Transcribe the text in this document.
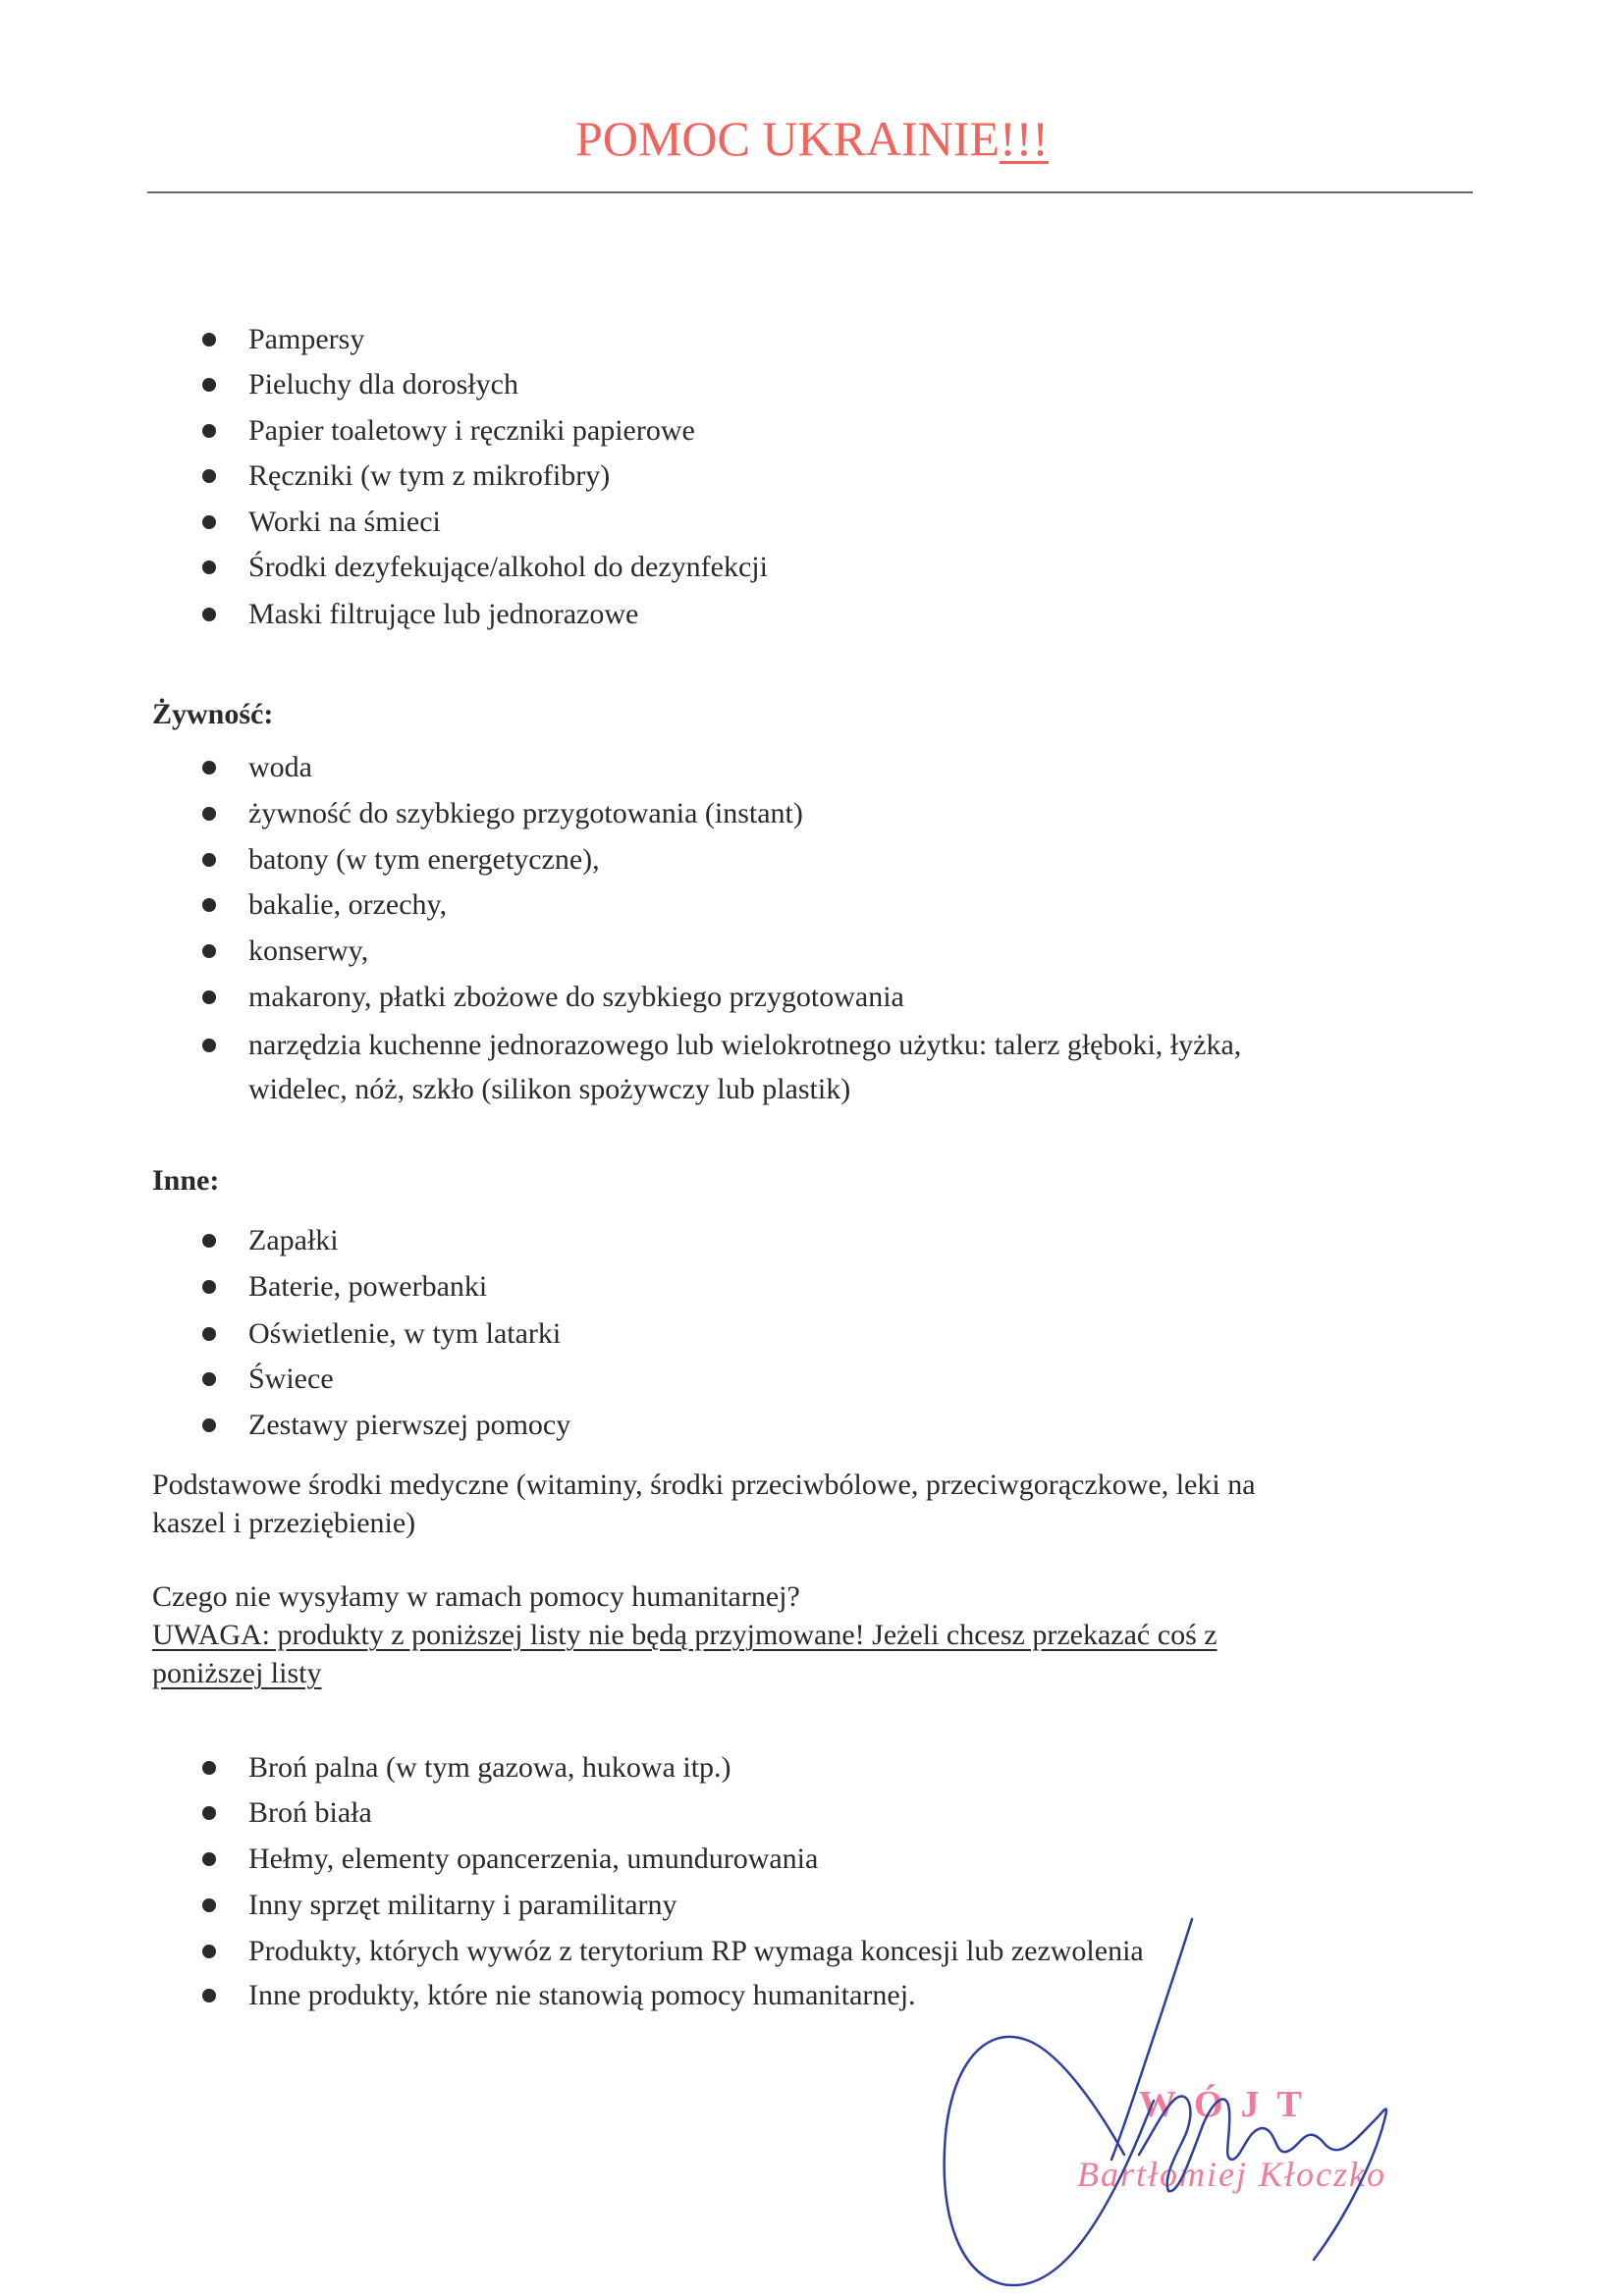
POMOC UKRAINIE!!!
Pampersy
Pieluchy dla dorosłych
Papier toaletowy i ręczniki papierowe
Ręczniki (w tym z mikrofibry)
Worki na śmieci
Środki dezyfekujące/alkohol do dezynfekcji
Maski filtrujące lub jednorazowe
Żywność:
woda
żywność do szybkiego przygotowania (instant)
batony (w tym energetyczne),
bakalie, orzechy,
konserwy,
makarony, płatki zbożowe do szybkiego przygotowania
narzędzia kuchenne jednorazowego lub wielokrotnego użytku: talerz głęboki, łyżka,
widelec, nóż, szkło (silikon spożywczy lub plastik)
Inne:
Zapałki
Baterie, powerbanki
Oświetlenie, w tym latarki
Świece
Zestawy pierwszej pomocy
Podstawowe środki medyczne (witaminy, środki przeciwbólowe, przeciwgorączkowe, leki na
kaszel i przeziębienie)
Czego nie wysyłamy w ramach pomocy humanitarnej?
UWAGA: produkty z poniższej listy nie będą przyjmowane! Jeżeli chcesz przekazać coś z
poniższej listy
Broń palna (w tym gazowa, hukowa itp.)
Broń biała
Hełmy, elementy opancerzenia, umundurowania
Inny sprzęt militarny i paramilitarny
Produkty, których wywóz z terytorium RP wymaga koncesji lub zezwolenia
Inne produkty, które nie stanowią pomocy humanitarnej.
WÓJT
Bartłomiej Kłoczko
